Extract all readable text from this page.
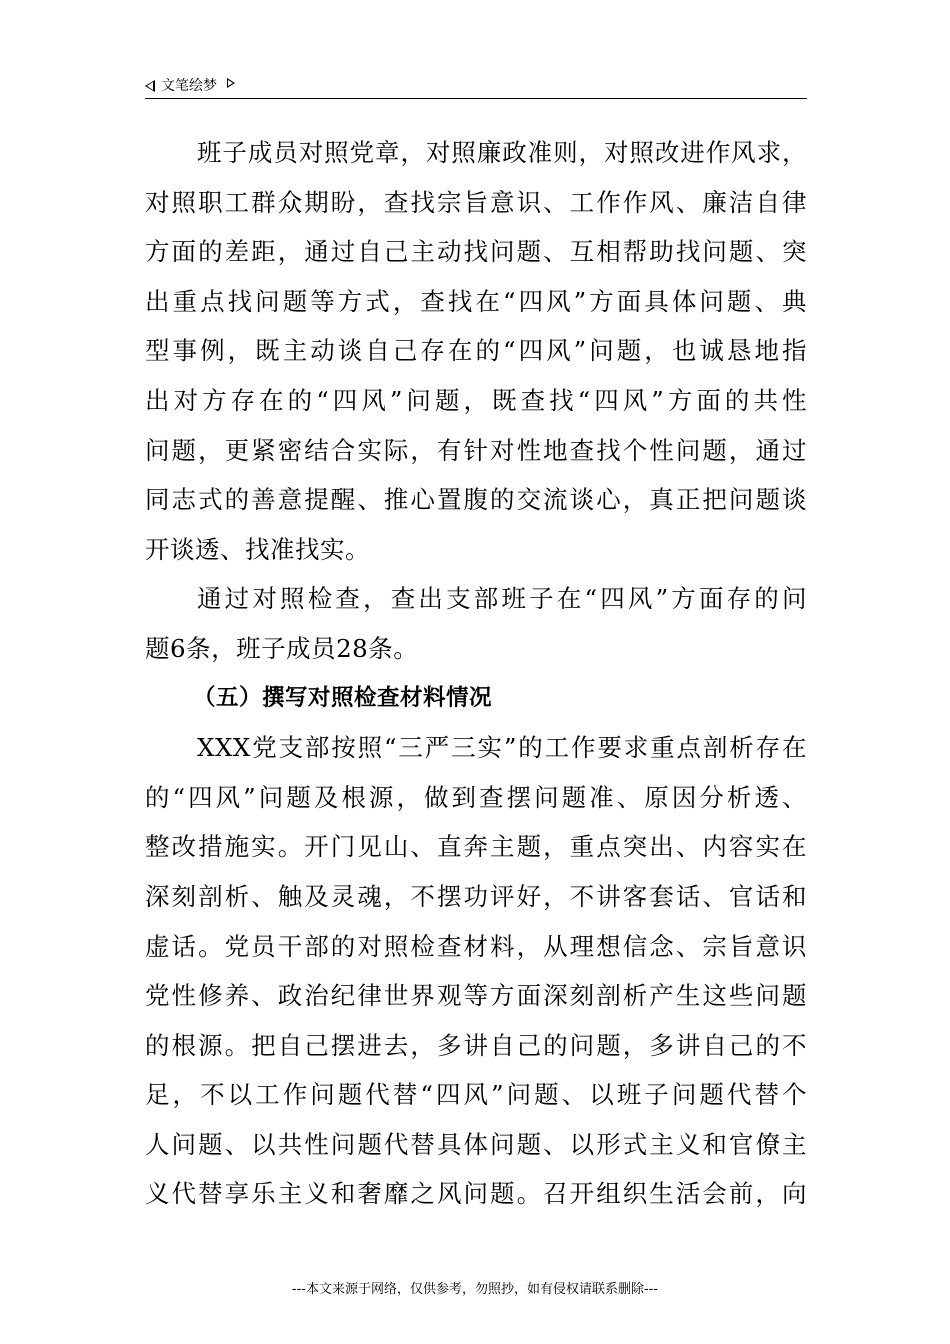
文笔绘梦
班子成员对照党章，对照廉政准则，对照改进作风求，
对照职工群众期盼，查找宗旨意识、工作作风、廉洁自律
方面的差距，通过自己主动找问题、互相帮助找问题、突
出重点找问题等方式，查找在“四风”方面具体问题、典
型事例，既主动谈自己存在的“四风”问题，也诚恳地指
出对方存在的“四风”问题，既查找“四风”方面的共性
问题，更紧密结合实际，有针对性地查找个性问题，通过
同志式的善意提醒、推心置腹的交流谈心，真正把问题谈
开谈透、找准找实。
通过对照检查，查出支部班子在“四风”方面存的问
题6条，班子成员28条。
（五）撰写对照检查材料情况
XXX党支部按照“三严三实”的工作要求重点剖析存在
的“四风”问题及根源，做到查摆问题准、原因分析透、
整改措施实。开门见山、直奔主题，重点突出、内容实在
深刻剖析、触及灵魂，不摆功评好，不讲客套话、官话和
虚话。党员干部的对照检查材料，从理想信念、宗旨意识
党性修养、政治纪律世界观等方面深刻剖析产生这些问题
的根源。把自己摆进去，多讲自己的问题，多讲自己的不
足，不以工作问题代替“四风”问题、以班子问题代替个
人问题、以共性问题代替具体问题、以形式主义和官僚主
义代替享乐主义和奢靡之风问题。召开组织生活会前，向
---本文来源于网络，仅供参考，勿照抄，如有侵权请联系删除---
